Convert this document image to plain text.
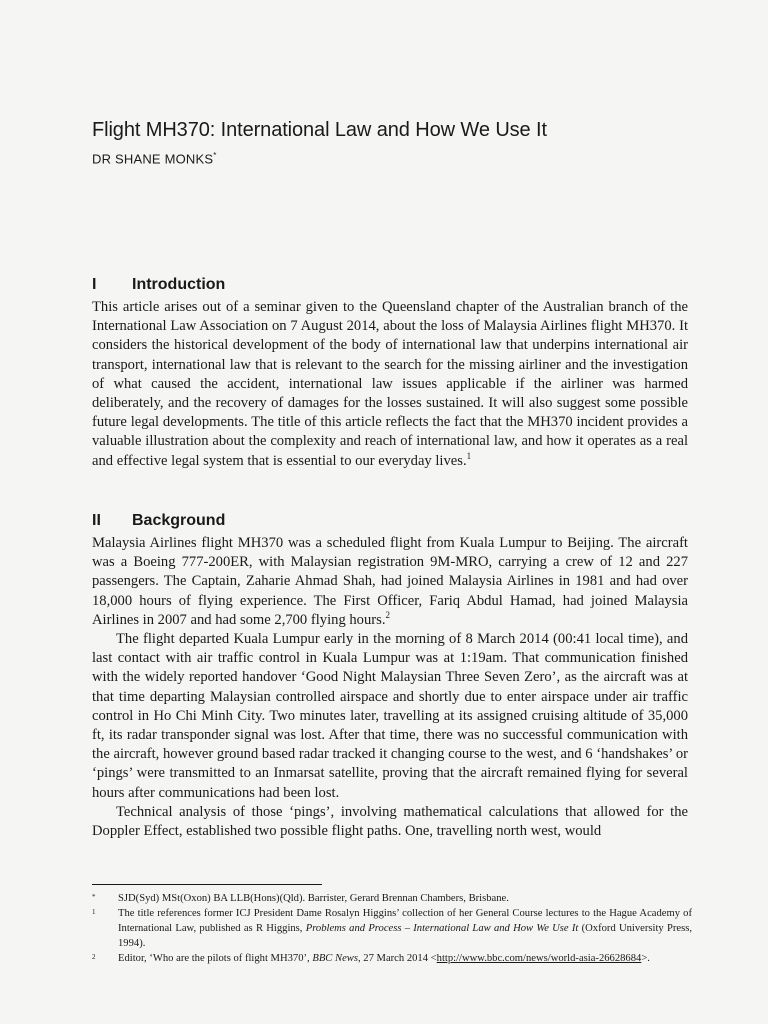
Flight MH370: International Law and How We Use It
DR SHANE MONKS*
I Introduction

This article arises out of a seminar given to the Queensland chapter of the Australian branch of the International Law Association on 7 August 2014, about the loss of Malaysia Airlines flight MH370. It considers the historical development of the body of international law that underpins international air transport, international law that is relevant to the search for the missing airliner and the investigation of what caused the accident, international law issues applicable if the airliner was harmed deliberately, and the recovery of damages for the losses sustained. It will also suggest some possible future legal developments. The title of this article reflects the fact that the MH370 incident provides a valuable illustration about the complexity and reach of international law, and how it operates as a real and effective legal system that is essential to our everyday lives.$^1$

II Background

Malaysia Airlines flight MH370 was a scheduled flight from Kuala Lumpur to Beijing. The aircraft was a Boeing 777-200ER, with Malaysian registration 9M-MRO, carrying a crew of 12 and 227 passengers. The Captain, Zaharie Ahmad Shah, had joined Malaysia Airlines in 1981 and had over 18,000 hours of flying experience. The First Officer, Fariq Abdul Hamad, had joined Malaysia Airlines in 2007 and had some 2,700 flying hours.$^2$

The flight departed Kuala Lumpur early in the morning of 8 March 2014 (00:41 local time), and last contact with air traffic control in Kuala Lumpur was at 1:19am. That communication finished with the widely reported handover ‘Good Night Malaysian Three Seven Zero’, as the aircraft was at that time departing Malaysian controlled airspace and shortly due to enter airspace under air traffic control in Ho Chi Minh City. Two minutes later, travelling at its assigned cruising altitude of 35,000 ft, its radar transponder signal was lost. After that time, there was no successful communication with the aircraft, however ground based radar tracked it changing course to the west, and 6 ‘handshakes’ or ‘pings’ were transmitted to an Inmarsat satellite, proving that the aircraft remained flying for several hours after communications had been lost.

Technical analysis of those ‘pings’, involving mathematical calculations that allowed for the Doppler Effect, established two possible flight paths. One, travelling north west, would

* SJD(Syd) MSt(Oxon) BA LLB(Hons)(Qld). Barrister, Gerard Brennan Chambers, Brisbane.
1 The title references former ICJ President Dame Rosalyn Higgins’ collection of her General Course lectures to the Hague Academy of International Law, published as R Higgins, Problems and Process – International Law and How We Use It (Oxford University Press, 1994).
2 Editor, ‘Who are the pilots of flight MH370’, BBC News, 27 March 2014 <http://www.bbc.com/news/world-asia-26628684>.
